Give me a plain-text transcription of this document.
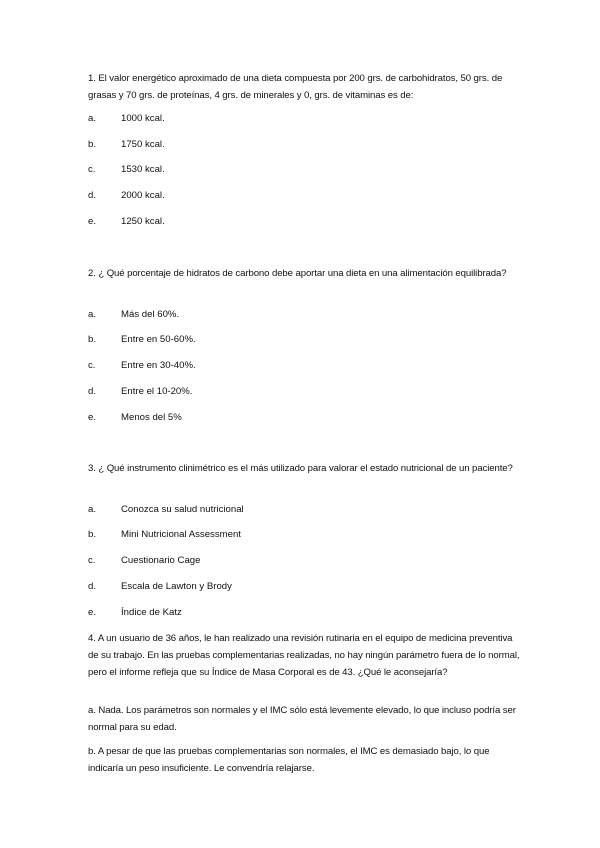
1. El valor energético aproximado de una dieta compuesta por 200 grs. de carbohidratos, 50 grs. de grasas y 70 grs. de proteínas, 4 grs. de minerales y 0, grs. de vitaminas es de:
a.	1000 kcal.
b.	1750 kcal.
c.	1530 kcal.
d.	2000 kcal.
e.	1250 kcal.
2. ¿ Qué porcentaje de hidratos de carbono debe aportar una dieta en una alimentación equilibrada?
a.	Más del 60%.
b.	Entre en 50-60%.
c.	Entre en 30-40%.
d.	Entre el 10-20%.
e.	Menos del 5%
3. ¿ Qué instrumento clinimétrico es el más utilizado para valorar el estado nutricional de un paciente?
a.	Conozca su salud nutricional
b.	Mini Nutricional Assessment
c.	Cuestionario Cage
d.	Escala de Lawton y Brody
e.	Índice de Katz
4. A un usuario de 36 años, le han realizado una revisión rutinaria en el equipo de medicina preventiva de su trabajo. En las pruebas complementarias realizadas, no hay ningún parámetro fuera de lo normal, pero el informe refleja que su Índice de Masa Corporal es de 43. ¿Qué le aconsejaría?
a. Nada. Los parámetros son normales y el IMC sólo está levemente elevado, lo que incluso podría ser normal para su edad.
b. A pesar de que las pruebas complementarias son normales, el IMC es demasiado bajo, lo que indicaría un peso insuficiente. Le convendría relajarse.
